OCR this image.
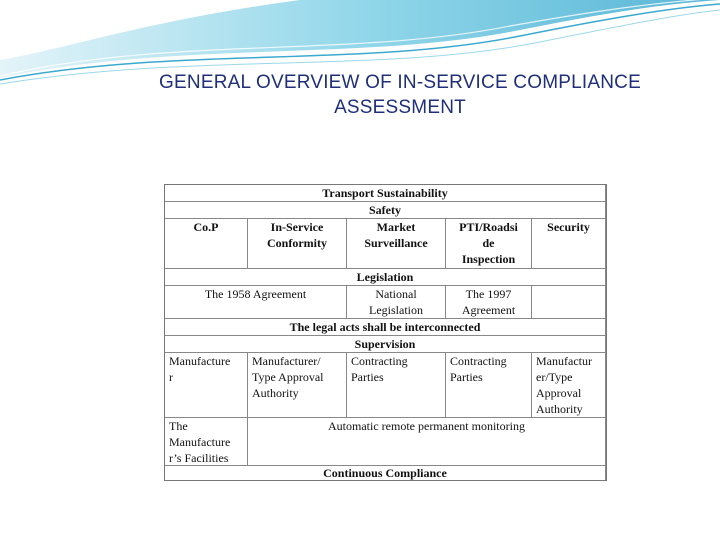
GENERAL OVERVIEW OF IN-SERVICE COMPLIANCE
ASSESSMENT
Transport Sustainability
Safety
Co.P	In-Service
Conformity
Market
Surveillance
PTI/Roadsi
de
Inspection
Security
Legislation
The 1958 Agreement	National
Legislation
The 1997
Agreement
The legal acts shall be interconnected
Supervision
Manufacture
r
Manufacturer/
Type Approval
Authority
Contracting
Parties
Contracting
Parties
Manufactur
er/Type
Approval
Authority
The
Manufacture
r’s Facilities
Automatic remote permanent monitoring
Continuous Compliance
